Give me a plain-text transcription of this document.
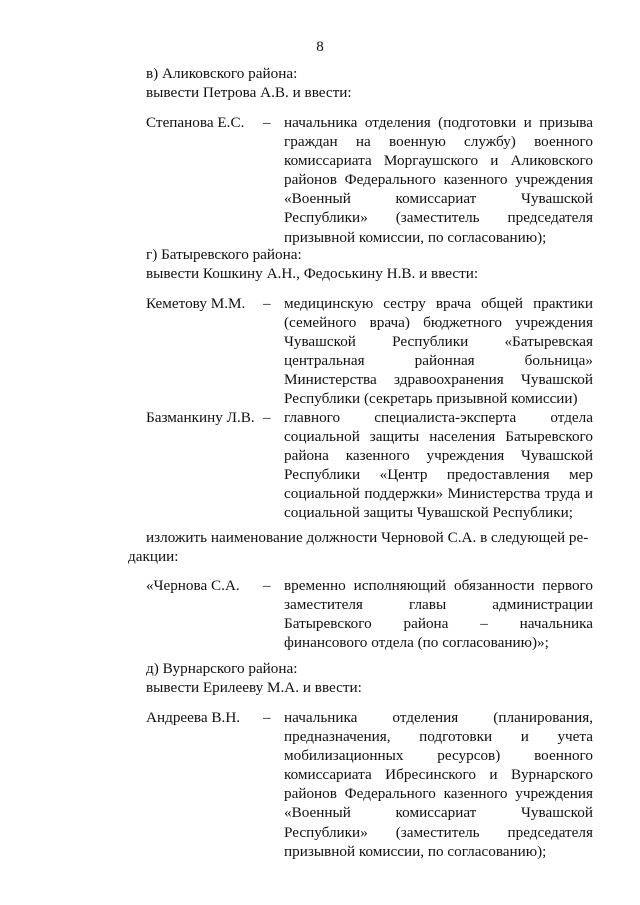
8
в) Аликовского района:
вывести Петрова А.В. и ввести:
Степанова Е.С. – начальника отделения (подготовки и призыва граждан на военную службу) военного комиссариата Моргаушского и Аликовского районов Федерального казенного учреждения «Военный комиссариат Чувашской Республики» (заместитель председателя призывной комиссии, по согласованию);

г) Батыревского района:
вывести Кошкину А.Н., Федоськину Н.В. и ввести:
Кеметову М.М. – медицинскую сестру врача общей практики (семейного врача) бюджетного учреждения Чувашской Республики «Батыревская центральная районная больница» Министерства здравоохранения Чувашской Республики (секретарь призывной комиссии)

Базманкину Л.В. – главного специалиста-эксперта отдела социальной защиты населения Батыревского района казенного учреждения Чувашской Республики «Центр предоставления мер социальной поддержки» Министерства труда и социальной защиты Чувашской Республики;

изложить наименование должности Черновой С.А. в следующей ре-
дакции:
«Чернова С.А. – временно исполняющий обязанности первого заместителя главы администрации Батыревского района – начальника финансового отдела (по согласованию)»;

д) Вурнарского района:
вывести Ерилееву М.А. и ввести:
Андреева В.Н. – начальника отделения (планирования, предназначения, подготовки и учета мобилизационных ресурсов) военного комиссариата Ибресинского и Вурнарского районов Федерального казенного учреждения «Военный комиссариат Чувашской Республики» (заместитель председателя призывной комиссии, по согласованию);
